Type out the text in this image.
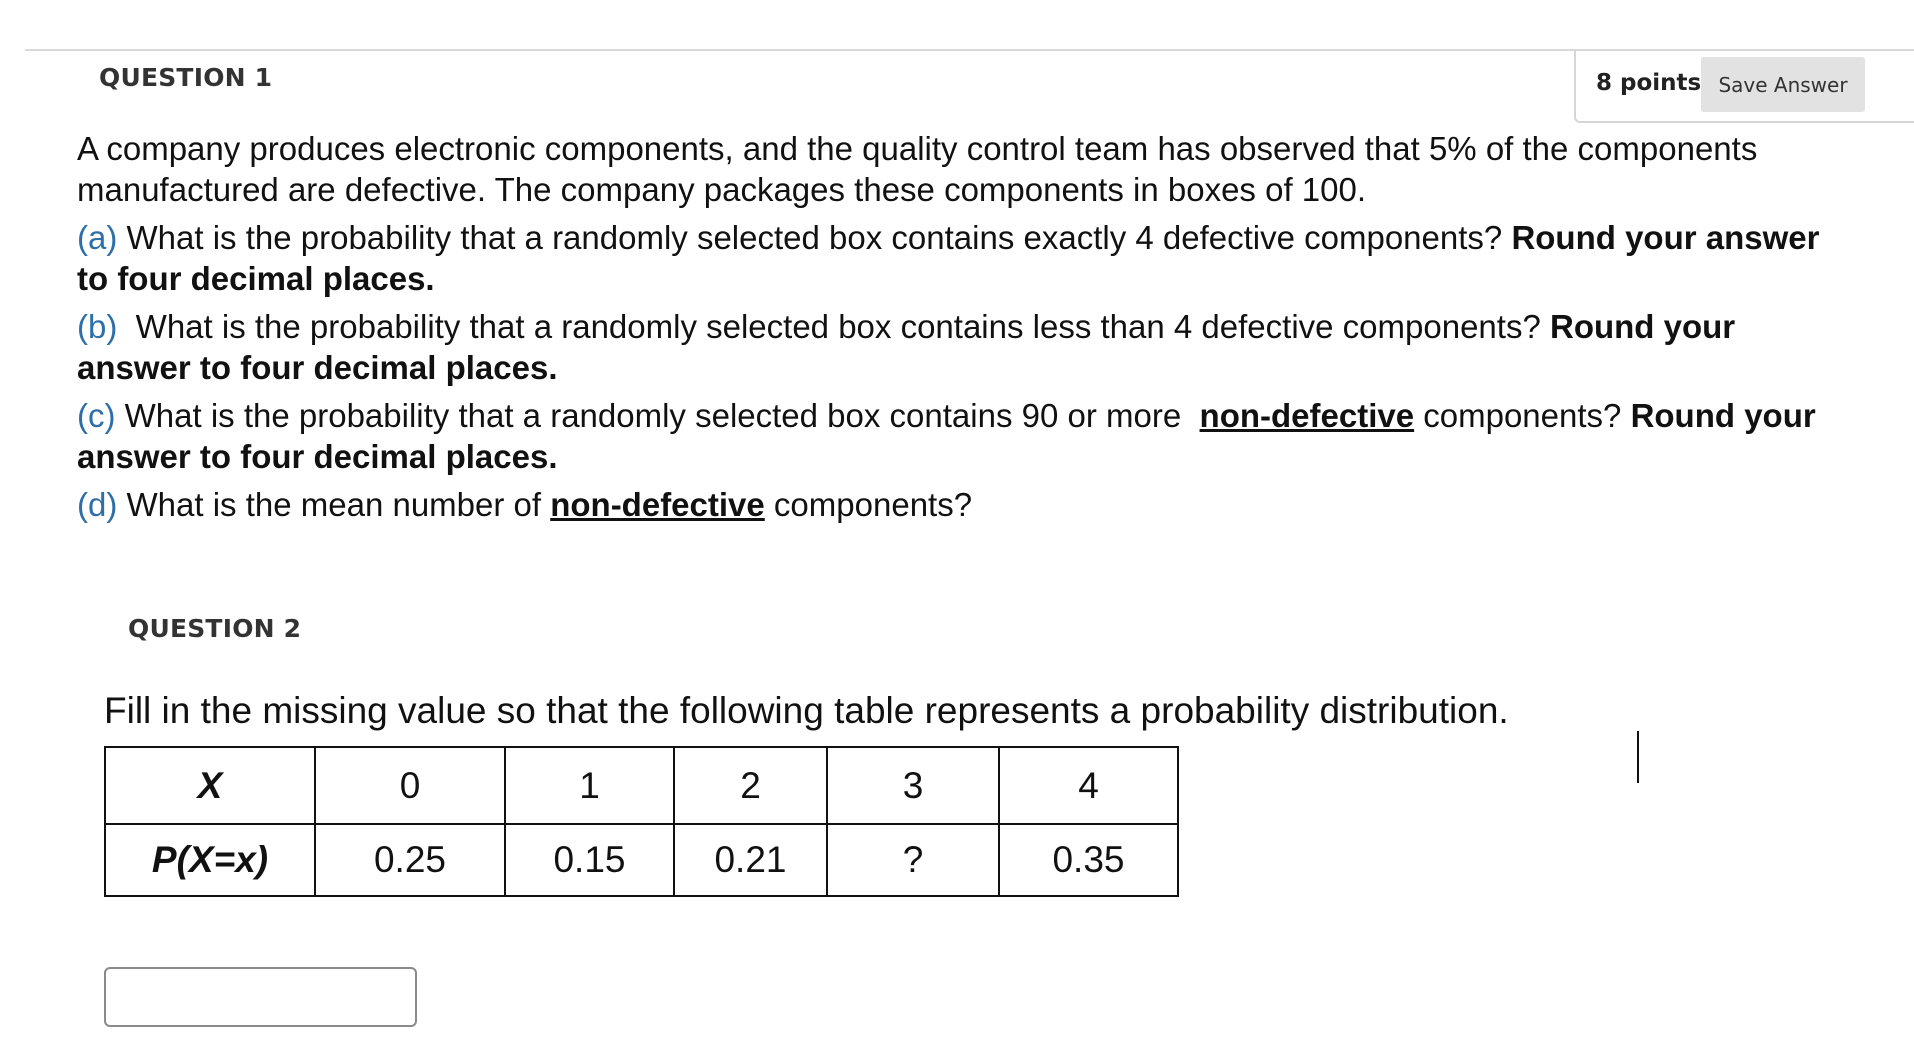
QUESTION 1	8 points Save Answer

A company produces electronic components, and the quality control team has observed that 5% of the components manufactured are defective. The company packages these components in boxes of 100.

(a) What is the probability that a randomly selected box contains exactly 4 defective components? Round your answer to four decimal places.

(b)  What is the probability that a randomly selected box contains less than 4 defective components? Round your answer to four decimal places.

(c) What is the probability that a randomly selected box contains 90 or more  non-defective components? Round your answer to four decimal places.

(d) What is the mean number of non-defective components?

QUESTION 2
Fill in the missing value so that the following table represents a probability distribution.
X	0	1	2	3	4
P(X=x)	0.25	0.15	0.21	?	0.35
